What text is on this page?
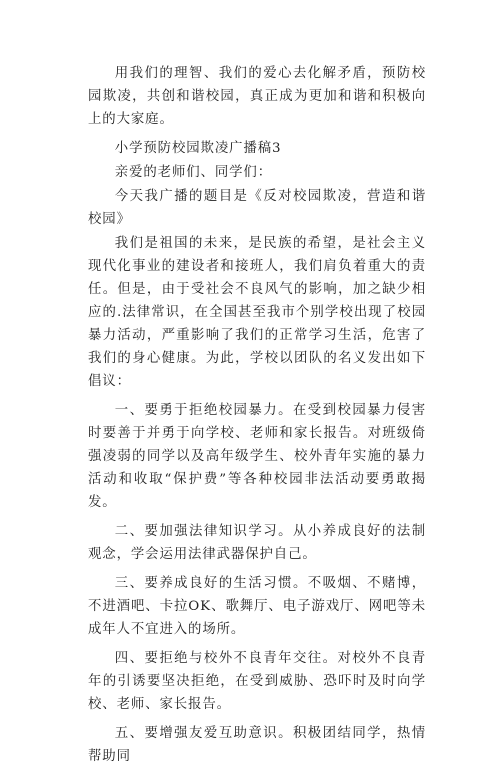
用我们的理智、我们的爱心去化解矛盾，预防校园欺凌，共创和谐校园，真正成为更加和谐和积极向上的大家庭。

小学预防校园欺凌广播稿3

亲爱的老师们、同学们：

今天我广播的题目是《反对校园欺凌，营造和谐校园》

我们是祖国的未来，是民族的希望，是社会主义现代化事业的建设者和接班人，我们肩负着重大的责任。但是，由于受社会不良风气的影响，加之缺少相应的.法律常识，在全国甚至我市个别学校出现了校园暴力活动，严重影响了我们的正常学习生活，危害了我们的身心健康。为此，学校以团队的名义发出如下倡议：

一、要勇于拒绝校园暴力。在受到校园暴力侵害时要善于并勇于向学校、老师和家长报告。对班级倚强凌弱的同学以及高年级学生、校外青年实施的暴力活动和收取“保护费”等各种校园非法活动要勇敢揭发。

二、要加强法律知识学习。从小养成良好的法制观念，学会运用法律武器保护自己。

三、要养成良好的生活习惯。不吸烟、不赌博，不进酒吧、卡拉OK、歌舞厅、电子游戏厅、网吧等未成年人不宜进入的场所。

四、要拒绝与校外不良青年交往。对校外不良青年的引诱要坚决拒绝，在受到威胁、恐吓时及时向学校、老师、家长报告。

五、要增强友爱互助意识。积极团结同学，热情帮助同
